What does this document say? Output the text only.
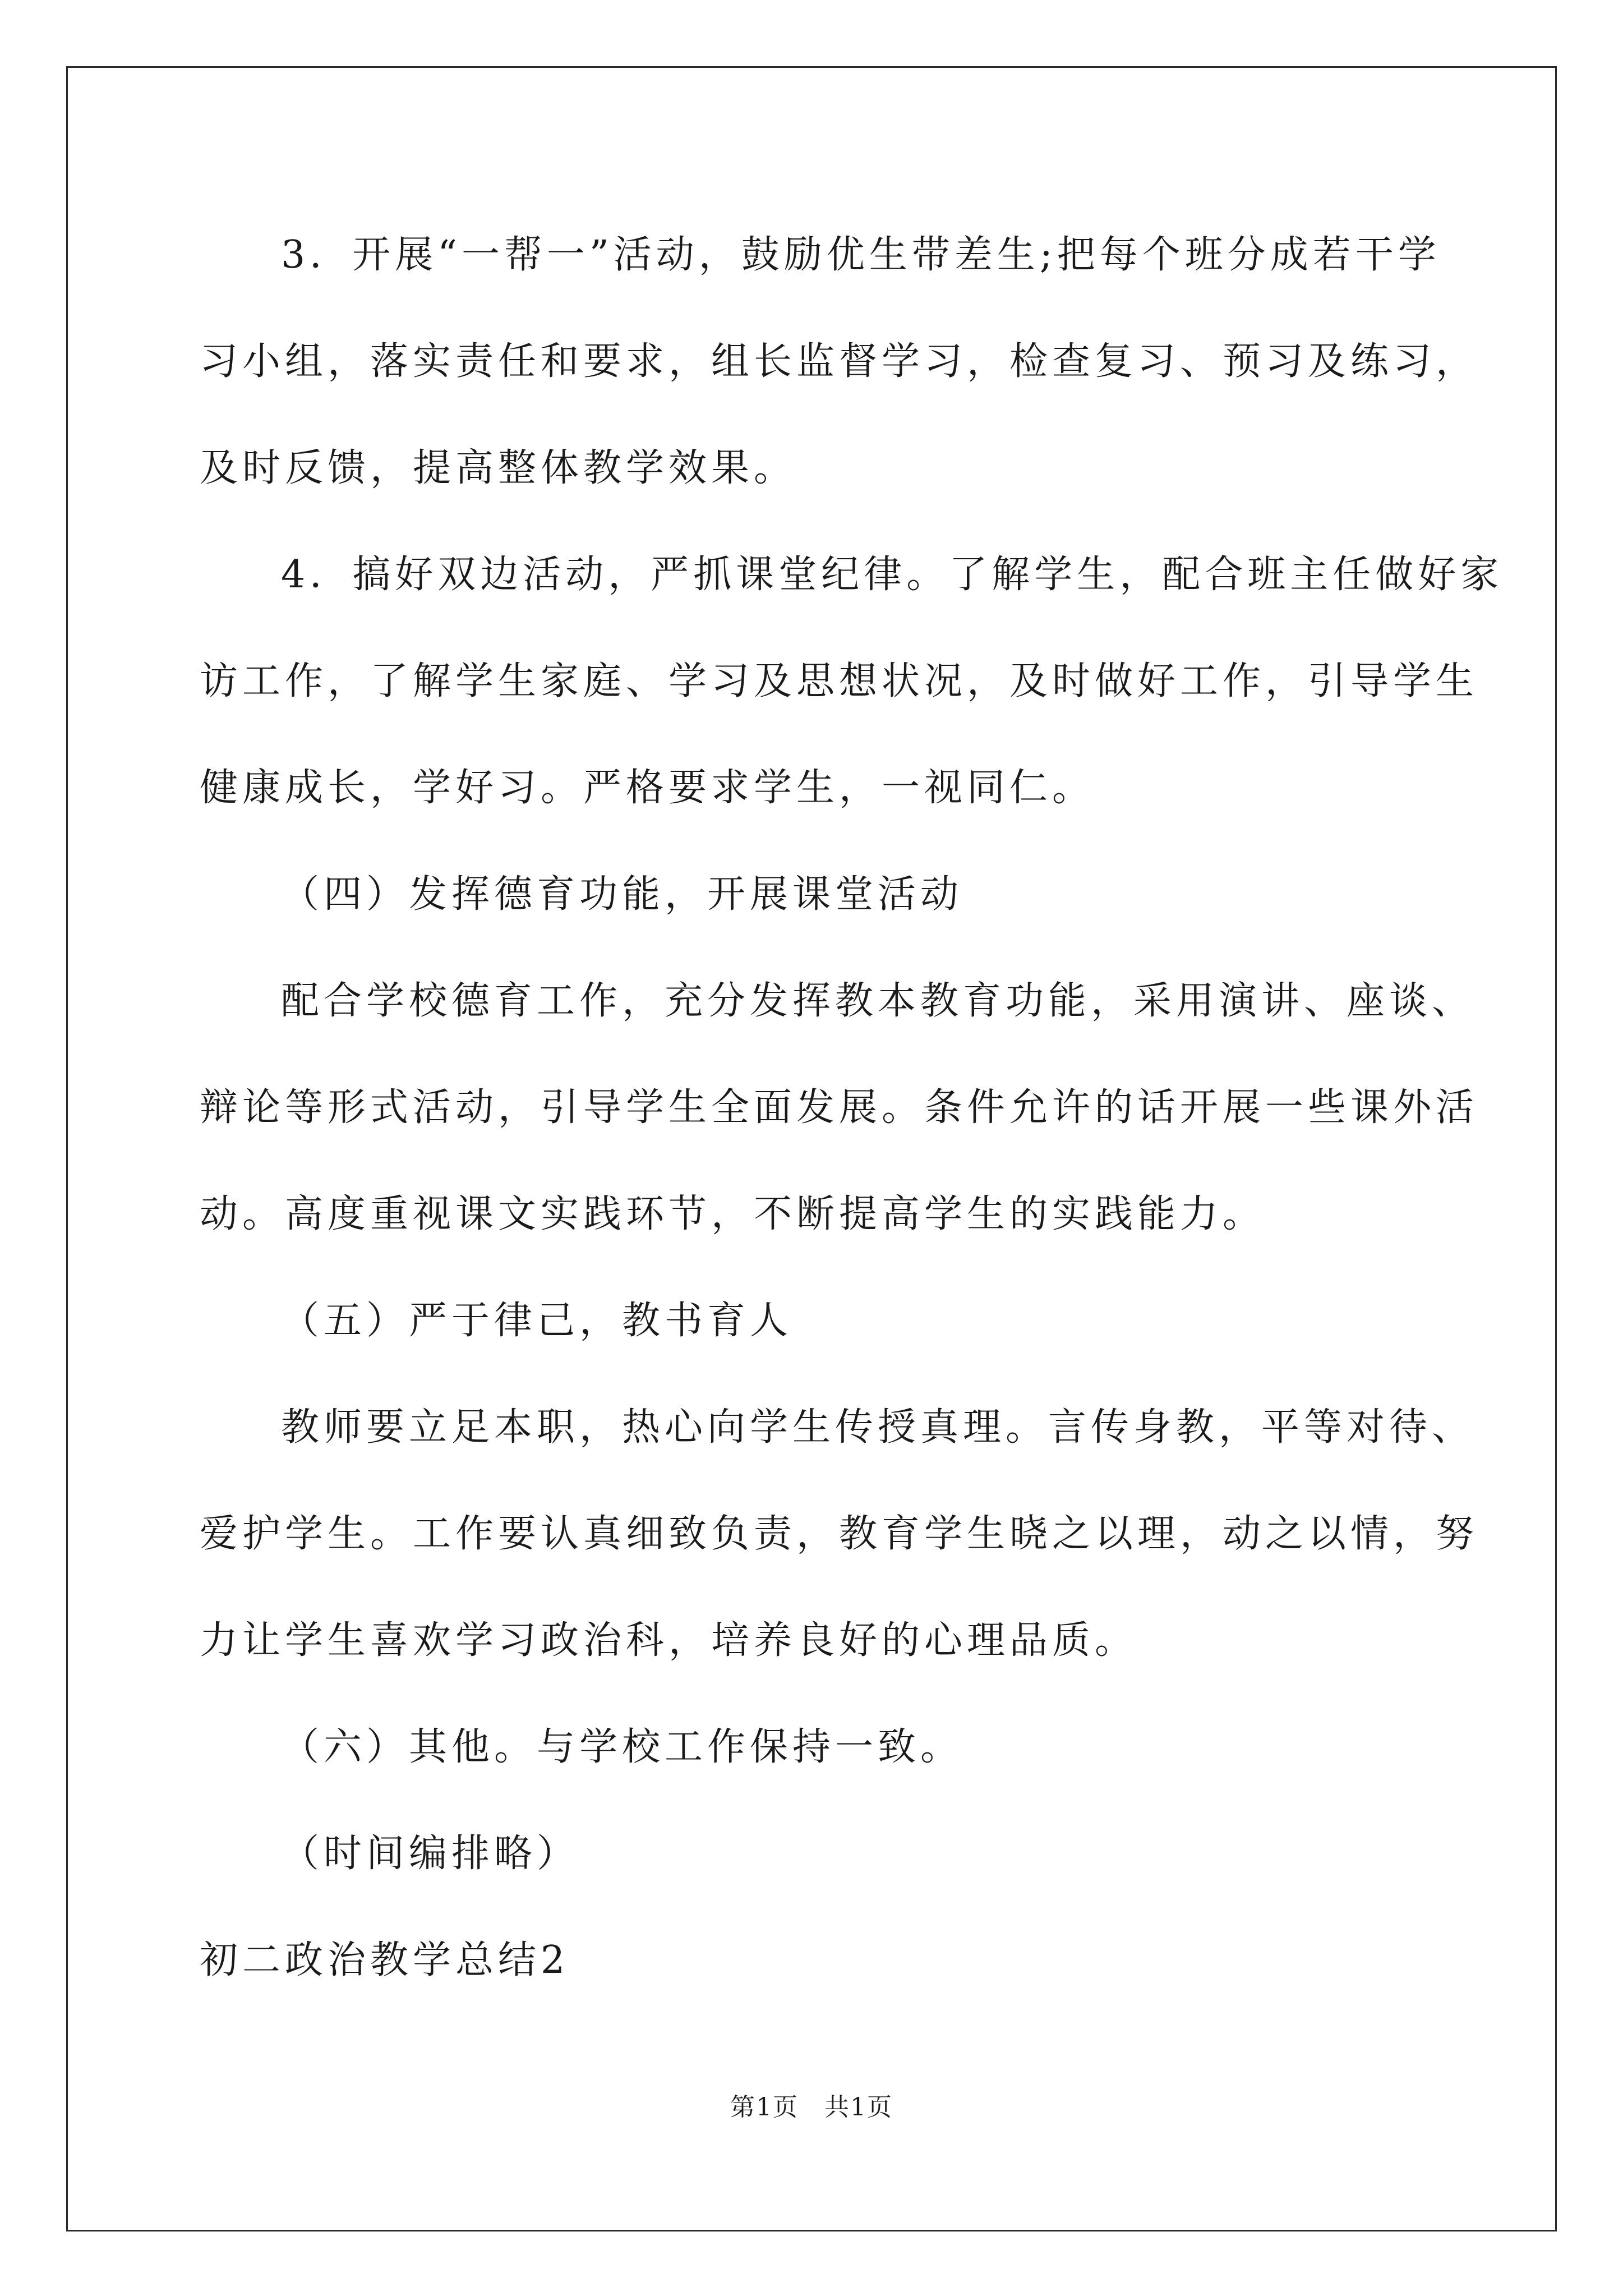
3．开展“一帮一”活动，鼓励优生带差生;把每个班分成若干学

习小组，落实责任和要求，组长监督学习，检查复习、预习及练习，

及时反馈，提高整体教学效果。

4．搞好双边活动，严抓课堂纪律。了解学生，配合班主任做好家

访工作，了解学生家庭、学习及思想状况，及时做好工作，引导学生

健康成长，学好习。严格要求学生，一视同仁。

（四）发挥德育功能，开展课堂活动

配合学校德育工作，充分发挥教本教育功能，采用演讲、座谈、

辩论等形式活动，引导学生全面发展。条件允许的话开展一些课外活

动。高度重视课文实践环节，不断提高学生的实践能力。

（五）严于律己，教书育人

教师要立足本职，热心向学生传授真理。言传身教，平等对待、

爱护学生。工作要认真细致负责，教育学生晓之以理，动之以情，努

力让学生喜欢学习政治科，培养良好的心理品质。

（六）其他。与学校工作保持一致。

（时间编排略）

初二政治教学总结2

第1页　共1页
